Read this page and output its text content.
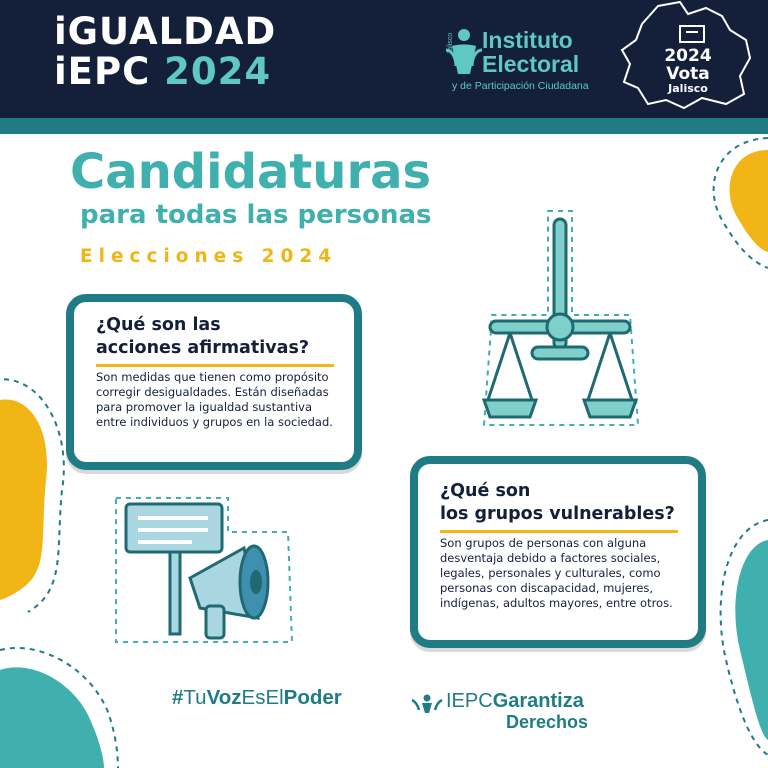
iGUALDAD
iEPC 2024
Jalisco Instituto
Electoral
y de Participación Ciudadana
2024
Vota
Jalisco
Candidaturas
para todas las personas
Elecciones 2024
¿Qué son las
acciones afirmativas?
Son medidas que tienen como propósito corregir desigualdades. Están diseñadas para promover la igualdad sustantiva entre individuos y grupos en la sociedad.
¿Qué son
los grupos vulnerables?
Son grupos de personas con alguna desventaja debido a factores sociales, legales, personales y culturales, como personas con discapacidad, mujeres, indígenas, adultos mayores, entre otros.
#TuVozEsElPoder	IEPCGarantiza
Derechos
